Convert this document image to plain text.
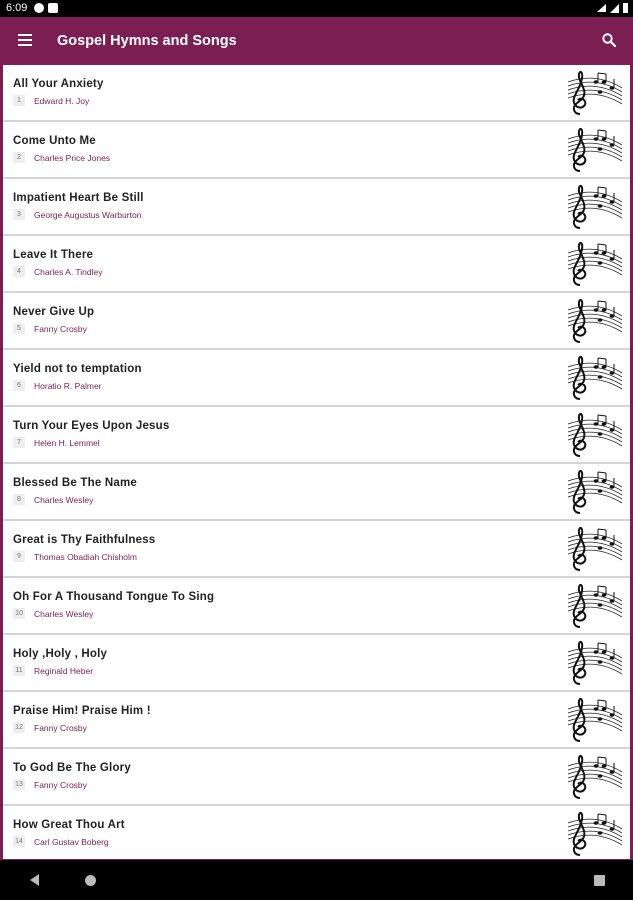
6:09
Gospel Hymns and Songs
All Your Anxiety
1	Edward H. Joy
Come Unto Me
2	Charles Price Jones
Impatient Heart Be Still
3	George Augustus Warburton
Leave It There
4	Charles A. Tindley
Never Give Up
5	Fanny Crosby
Yield not to temptation
6	Horatio R. Palmer
Turn Your Eyes Upon Jesus
7	Helen H. Lemmel
Blessed Be The Name
8	Charles Wesley
Great is Thy Faithfulness
9	Thomas Obadiah Chisholm
Oh For A Thousand Tongue To Sing
10 Charles Wesley
Holy ,Holy , Holy
11 Reginald Heber
Praise Him! Praise Him !
12 Fanny Crosby
To God Be The Glory
13 Fanny Crosby
How Great Thou Art
14 Carl Gustav Boberg
